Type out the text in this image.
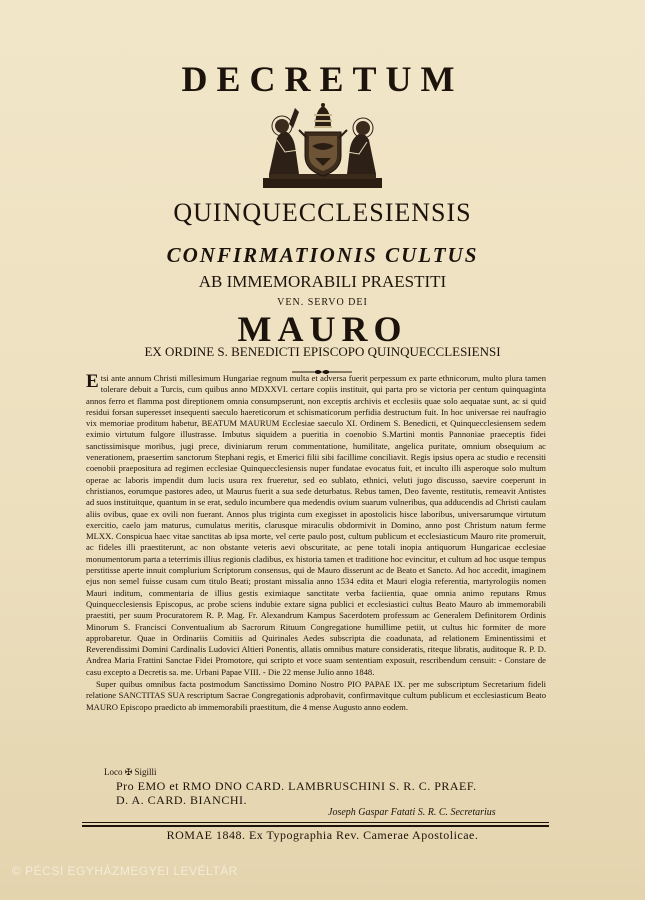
DECRETUM
QUINQUECCLESIENSIS
CONFIRMATIONIS CULTUS
AB IMMEMORABILI PRAESTITI
VEN. SERVO DEI
MAURO
EX ORDINE S. BENEDICTI EPISCOPO QUINQUECCLESIENSI

Etsi ante annum Christi millesimum Hungariae regnum multa et adversa fuerit perpessum ex parte ethnicorum, multo plura tamen tolerare debuit a Turcis, cum quibus anno MDXXVI. certare copiis instituit, qui parta pro se victoria per centum quinquaginta annos ferro et flamma post direptionem omnia consumpserunt, non exceptis archivis et ecclesiis quae solo aequatae sunt, ac si quid residui forsan superesset insequenti saeculo haereticorum et schismaticorum perfidia destructum fuit. In hoc universae rei naufragio vix memoriae proditum habetur, BEATUM MAURUM Ecclesiae saeculo XI. Ordinem S. Benedicti, et Quinquecclesiensem sedem eximio virtutum fulgore illustrasse. Imbutus siquidem a pueritia in coenobio S.Martini montis Pannoniae praeceptis fidei sanctissimisque moribus, jugi prece, diviniarum rerum commentatione, humilitate, angelica puritate, omnium obsequium ac venerationem, praesertim sanctorum Stephani regis, et Emerici filii sibi facillime conciliavit. Regis ipsius opera ac studio e recensiti coenobii praepositura ad regimen ecclesiae Quinquecclesiensis nuper fundatae evocatus fuit, et inculto illi asperoque solo multum operae ac laboris impendit dum lucis usura rex frueretur, sed eo sublato, ethnici, veluti jugo discusso, saevire coeperunt in christianos, eorumque pastores adeo, ut Maurus fuerit a sua sede deturbatus. Rebus tamen, Deo favente, restitutis, remeavit Antistes ad suos instituitque, quantum in se erat, sedulo incumbere qua medendis ovium suarum vulneribus, qua adducendis ad Christi caulam aliis ovibus, quae ex ovili non fuerant. Annos plus triginta cum exegisset in apostolicis hisce laboribus, universarumque virtutum exercitio, caelo jam maturus, cumulatus meritis, clarusque miraculis obdormivit in Domino, anno post Christum natum ferme MLXX. Conspicua haec vitae sanctitas ab ipsa morte, vel certe paulo post, cultum publicum et ecclesiasticum Mauro rite promeruit, ac fideles illi praestiterunt, ac non obstante veteris aevi obscuritate, ac pene totali inopia antiquorum Hungaricae ecclesiae monumentorum parta a teterrimis illius regionis cladibus, ex historia tamen et traditione hoc evincitur, et cultum ad hoc usque tempus perstitisse aperte innuit complurium Scriptorum consensus, qui de Mauro disserunt ac de Beato et Sancto. Ad hoc accedit, imaginem ejus non semel fuisse cusam cum titulo Beati; prostant missalia anno 1534 edita et Mauri elogia referentia, martyrologiis nomen Mauri inditum, commentaria de illius gestis eximiaque sanctitate verba faciientia, quae omnia animo reputans Rmus Quinquecclesiensis Episcopus, ac probe sciens indubie extare signa publici et ecclesiastici cultus Beato Mauro ab immemorabili praestiti, per suum Procuratorem R. P. Mag. Fr. Alexandrum Kampus Sacerdotem professum ac Generalem Definitorem Ordinis Minorum S. Francisci Conventualium ab Sacrorum Rituum Congregatione humillime petiit, ut cultus hic formiter de more approbaretur. Quae in Ordinariis Comitiis ad Quirinales Aedes subscripta die coadunata, ad relationem Eminentissimi et Reverendissimi Domini Cardinalis Ludovici Altieri Ponentis, allatis omnibus mature consideratis, riteque libratis, auditoque R. P. D. Andrea Maria Frattini Sanctae Fidei Promotore, qui scripto et voce suam sententiam exposuit, rescribendum censuit: - Constare de casu excepto a Decretis sa. me. Urbani Papae VIII. - Die 22 mense Julio anno 1848.

Super quibus omnibus facta postmodum Sanctissimo Domino Nostro PIO PAPAE IX. per me subscriptum Secretarium fideli relatione SANCTITAS SUA rescriptum Sacrae Congregationis adprobavit, confirmavitque cultum publicum et ecclesiasticum Beato MAURO Episcopo praedicto ab immemorabili praestitum, die 4 mense Augusto anno eodem.

Loco ✠ Sigilli
Pro EMO et RMO DNO CARD. LAMBRUSCHINI S. R. C. PRAEF.
D. A. CARD. BIANCHI.
Joseph Gaspar Fatati S. R. C. Secretarius
ROMAE 1848. Ex Typographia Rev. Camerae Apostolicae.
© PÉCSI EGYHÁZMEGYEI LEVÉLTÁR
